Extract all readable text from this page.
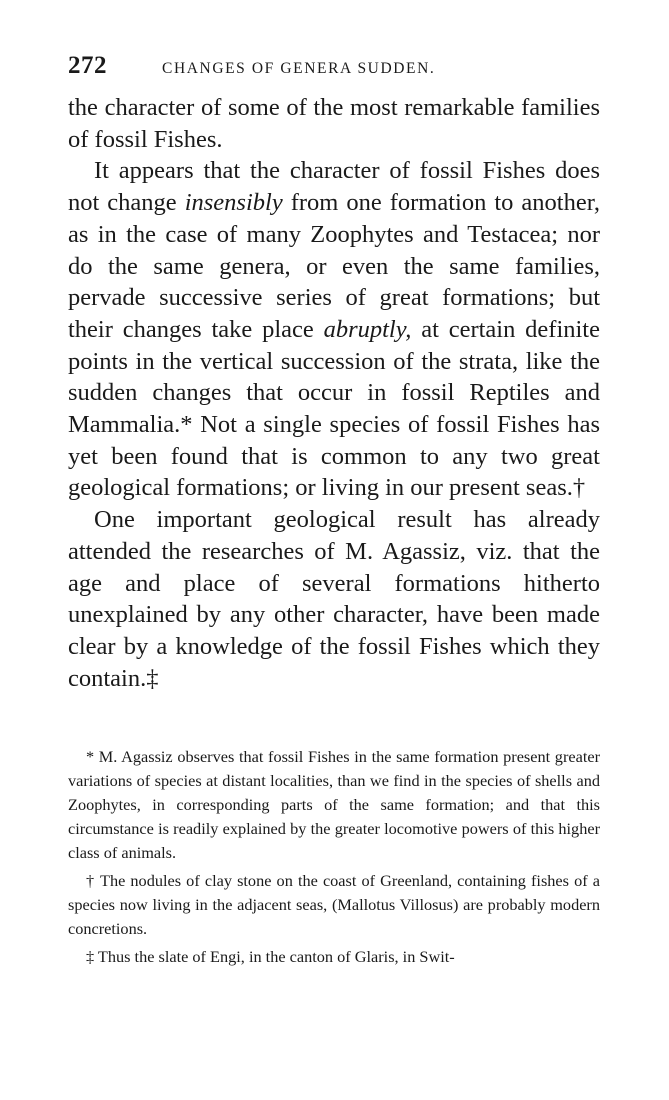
272	CHANGES OF GENERA SUDDEN.

the character of some of the most remarkable families of fossil Fishes.

It appears that the character of fossil Fishes does not change insensibly from one formation to another, as in the case of many Zoophytes and Testacea; nor do the same genera, or even the same families, pervade successive series of great formations; but their changes take place abruptly, at certain definite points in the vertical succession of the strata, like the sudden changes that occur in fossil Reptiles and Mammalia.* Not a single species of fossil Fishes has yet been found that is common to any two great geological formations; or living in our present seas.†

One important geological result has already attended the researches of M. Agassiz, viz. that the age and place of several formations hitherto unexplained by any other character, have been made clear by a knowledge of the fossil Fishes which they contain.‡

* M. Agassiz observes that fossil Fishes in the same formation present greater variations of species at distant localities, than we find in the species of shells and Zoophytes, in corresponding parts of the same formation; and that this circumstance is readily explained by the greater locomotive powers of this higher class of animals.

† The nodules of clay stone on the coast of Greenland, containing fishes of a species now living in the adjacent seas, (Mallotus Villosus) are probably modern concretions.

‡ Thus the slate of Engi, in the canton of Glaris, in Swit-
